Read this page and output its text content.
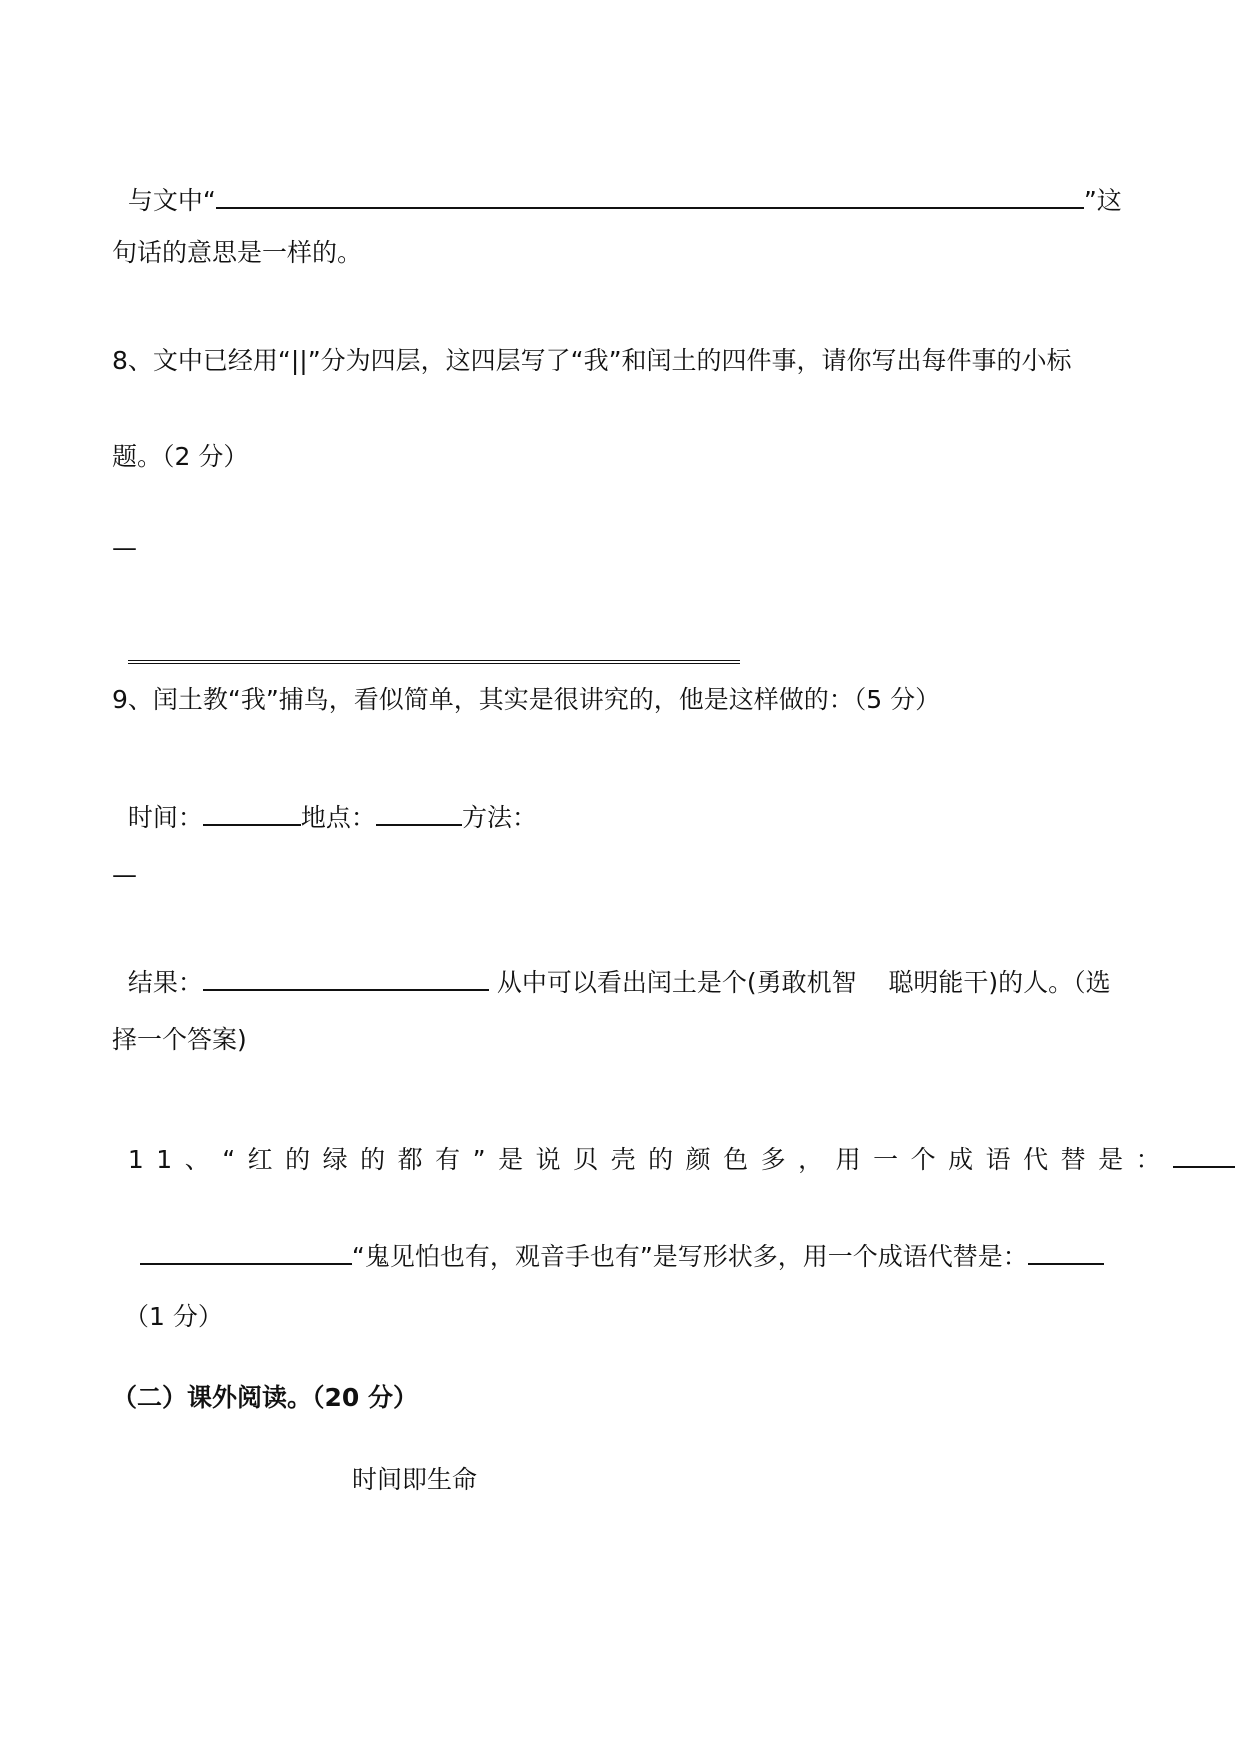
与文中“	”这

句话的意思是一样的。
8、文中已经用“||”分为四层，这四层写了“我”和闰土的四件事，请你写出每件事的小标
题。（2 分）
—

9、闰土教“我”捕鸟，看似简单，其实是很讲究的，他是这样做的：（5 分）

时间：	地点：	方法：

—

结果：	从中可以看出闰土是个(勇敢机智    聪明能干)的人。（选

择一个答案)

11、“红的绿的都有”是说贝壳的颜色多，用一个成语代替是：

“鬼见怕也有，观音手也有”是写形状多，用一个成语代替是：

（1 分）
（二）课外阅读。（20 分）
时间即生命
